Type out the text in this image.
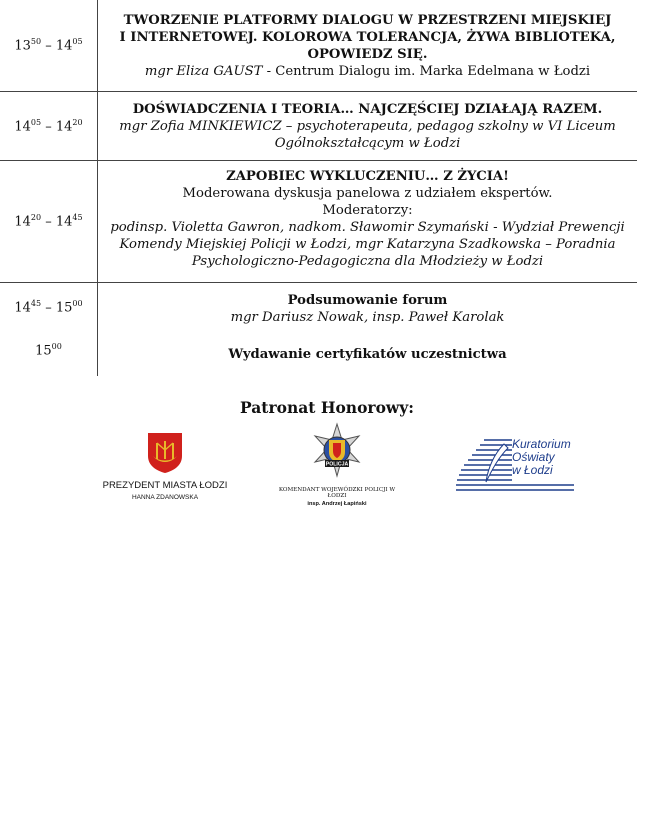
$13^{50} - 14^{05}$
TWORZENIE PLATFORMY DIALOGU W PRZESTRZENI MIEJSKIEJ
I INTERNETOWEJ. KOLOROWA TOLERANCJA, ŻYWA BIBLIOTEKA,
OPOWIEDZ SIĘ.
mgr Eliza GAUST - Centrum Dialogu im. Marka Edelmana w Łodzi
$14^{05} - 14^{20}$
DOŚWIADCZENIA I TEORIA… NAJCZĘŚCIEJ DZIAŁAJĄ RAZEM.
mgr Zofia MINKIEWICZ – psychoterapeuta, pedagog szkolny w VI Liceum
Ogólnokształcącym w Łodzi
$14^{20} - 14^{45}$
ZAPOBIEC WYKLUCZENIU… Z ŻYCIA!
Moderowana dyskusja panelowa z udziałem ekspertów.
Moderatorzy:
podinsp. Violetta Gawron, nadkom. Sławomir Szymański - Wydział Prewencji
Komendy Miejskiej Policji w Łodzi, mgr Katarzyna Szadkowska – Poradnia
Psychologiczno-Pedagogiczna dla Młodzieży w Łodzi
$14^{45} - 15^{00}$
$15^{00}$
Podsumowanie forum
mgr Dariusz Nowak, insp. Paweł Karolak
Wydawanie certyfikatów uczestnictwa
Patronat Honorowy:
PREZYDENT MIASTA ŁODZI
HANNA ZDANOWSKA
POLICJA
KOMENDANT WOJEWÓDZKI POLICJI W ŁODZI
insp. Andrzej Łapiński
Kuratorium
Oświaty
w Łodzi
